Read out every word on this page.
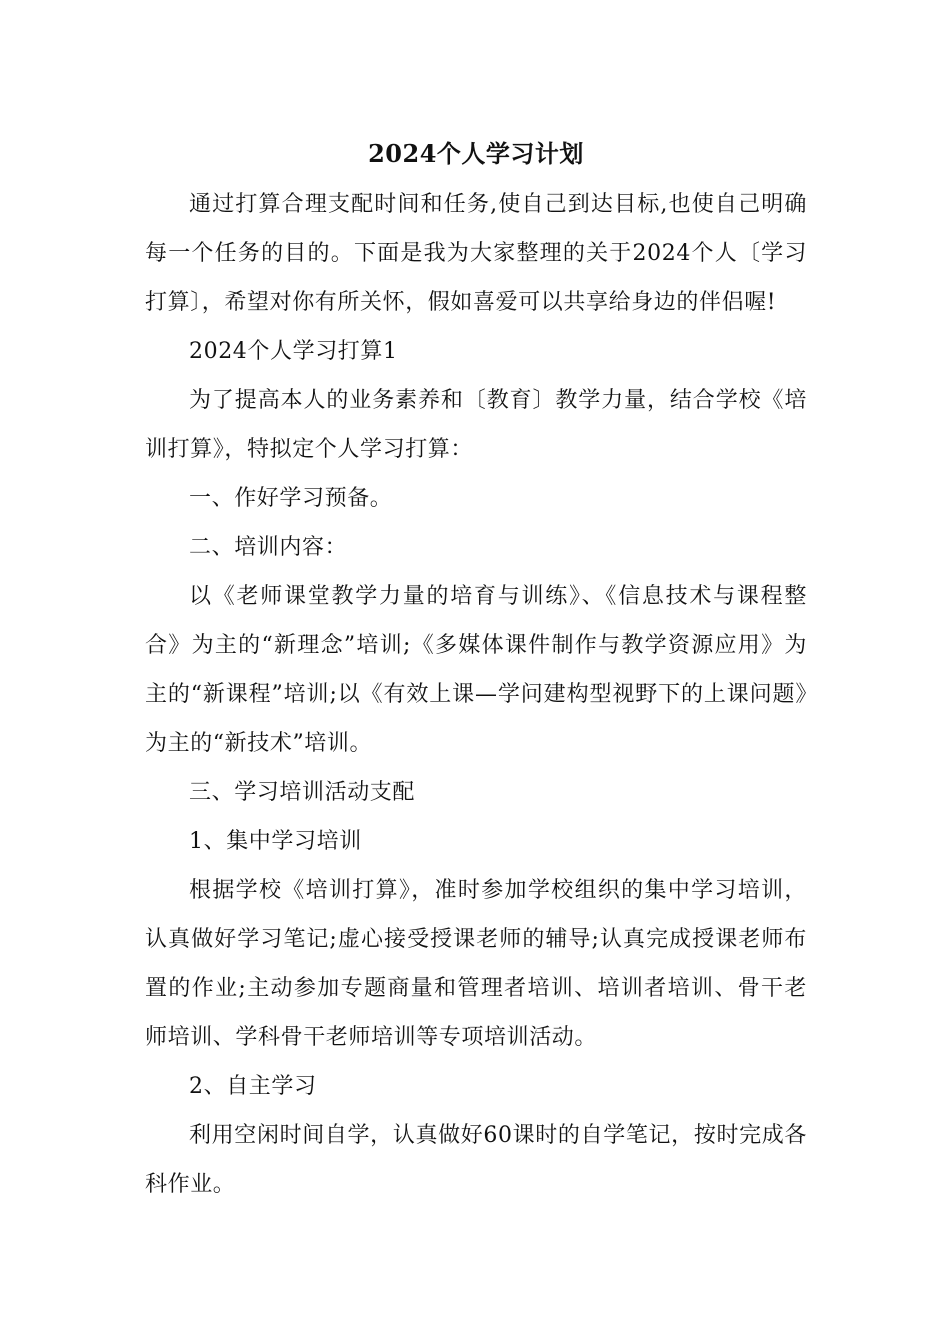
2024个人学习计划

通过打算合理支配时间和任务,使自己到达目标,也使自己明确每一个任务的目的。下面是我为大家整理的关于2024个人〔学习打算〕，希望对你有所关怀，假如喜爱可以共享给身边的伴侣喔!

2024个人学习打算1

为了提高本人的业务素养和〔教育〕教学力量，结合学校《培训打算》，特拟定个人学习打算：

一、作好学习预备。

二、培训内容：

以《老师课堂教学力量的培育与训练》、《信息技术与课程整合》为主的“新理念”培训;《多媒体课件制作与教学资源应用》为主的“新课程”培训;以《有效上课—学问建构型视野下的上课问题》为主的“新技术”培训。

三、学习培训活动支配

1、集中学习培训

根据学校《培训打算》，准时参加学校组织的集中学习培训，认真做好学习笔记;虚心接受授课老师的辅导;认真完成授课老师布置的作业;主动参加专题商量和管理者培训、培训者培训、骨干老师培训、学科骨干老师培训等专项培训活动。

2、自主学习

利用空闲时间自学，认真做好60课时的自学笔记，按时完成各科作业。
